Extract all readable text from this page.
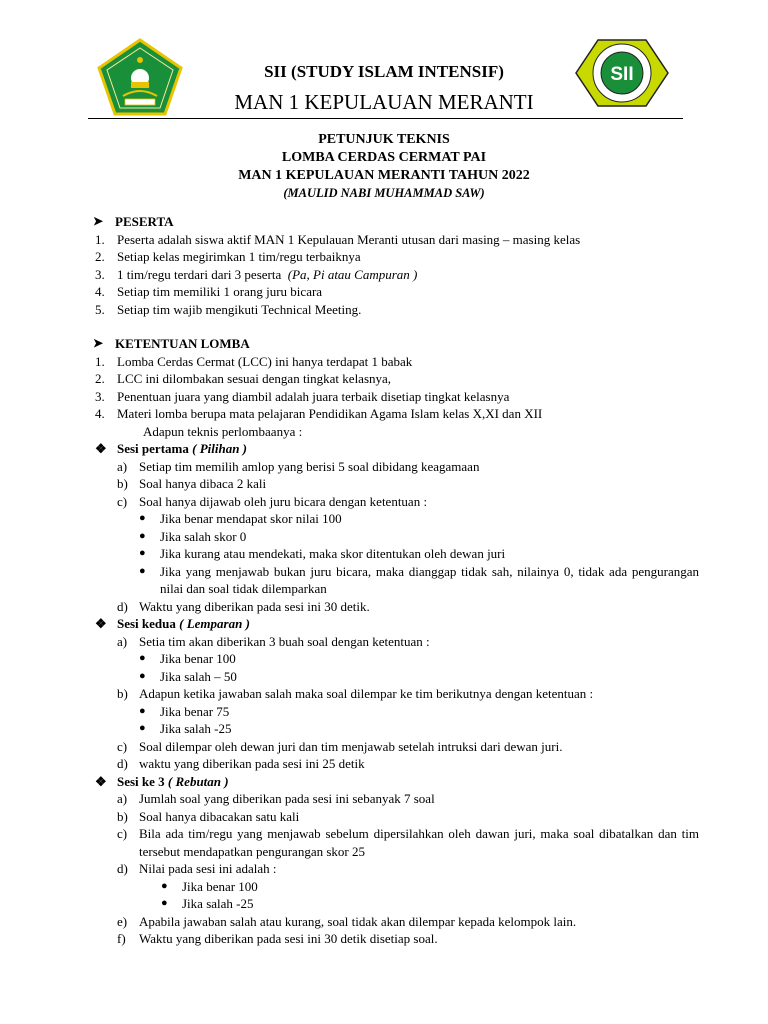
SII (STUDY ISLAM INTENSIF)
MAN 1 KEPULAUAN MERANTI
SII
PETUNJUK TEKNIS
LOMBA CERDAS CERMAT PAI
MAN 1 KEPULAUAN MERANTI TAHUN 2022
(MAULID NABI MUHAMMAD SAW)
➤ PESERTA
1. Peserta adalah siswa aktif MAN 1 Kepulauan Meranti utusan dari masing – masing kelas
2. Setiap kelas megirimkan 1 tim/regu terbaiknya
3. 1 tim/regu terdari dari 3 peserta (Pa, Pi atau Campuran )
4. Setiap tim memiliki 1 orang juru bicara
5. Setiap tim wajib mengikuti Technical Meeting.
➤ KETENTUAN LOMBA
1. Lomba Cerdas Cermat (LCC) ini hanya terdapat 1 babak
2. LCC ini dilombakan sesuai dengan tingkat kelasnya,
3. Penentuan juara yang diambil adalah juara terbaik disetiap tingkat kelasnya
4. Materi lomba berupa mata pelajaran Pendidikan Agama Islam kelas X,XI dan XII
Adapun teknis perlombaanya :
❖ Sesi pertama ( Pilihan )
a) Setiap tim memilih amlop yang berisi 5 soal dibidang keagamaan
b) Soal hanya dibaca 2 kali
c) Soal hanya dijawab oleh juru bicara dengan ketentuan :
●	Jika benar mendapat skor nilai 100
●	Jika salah skor 0
●	Jika kurang atau mendekati, maka skor ditentukan oleh dewan juri
●	Jika yang menjawab bukan juru bicara, maka dianggap tidak sah, nilainya 0, tidak ada pengurangan nilai dan soal tidak dilemparkan
d) Waktu yang diberikan pada sesi ini 30 detik.
❖ Sesi kedua ( Lemparan )
a) Setia tim akan diberikan 3 buah soal dengan ketentuan :
●	Jika benar 100
●	Jika salah – 50
b) Adapun ketika jawaban salah maka soal dilempar ke tim berikutnya dengan ketentuan :
●	Jika benar 75
●	Jika salah -25
c) Soal dilempar oleh dewan juri dan tim menjawab setelah intruksi dari dewan juri.
d) waktu yang diberikan pada sesi ini 25 detik
❖ Sesi ke 3 ( Rebutan )
a) Jumlah soal yang diberikan pada sesi ini sebanyak 7 soal
b) Soal hanya dibacakan satu kali
c) Bila ada tim/regu yang menjawab sebelum dipersilahkan oleh dawan juri, maka soal dibatalkan dan tim tersebut mendapatkan pengurangan skor 25
d) Nilai pada sesi ini adalah :
●	Jika benar 100
●	Jika salah -25
e) Apabila jawaban salah atau kurang, soal tidak akan dilempar kepada kelompok lain.
f)	Waktu yang diberikan pada sesi ini 30 detik disetiap soal.
